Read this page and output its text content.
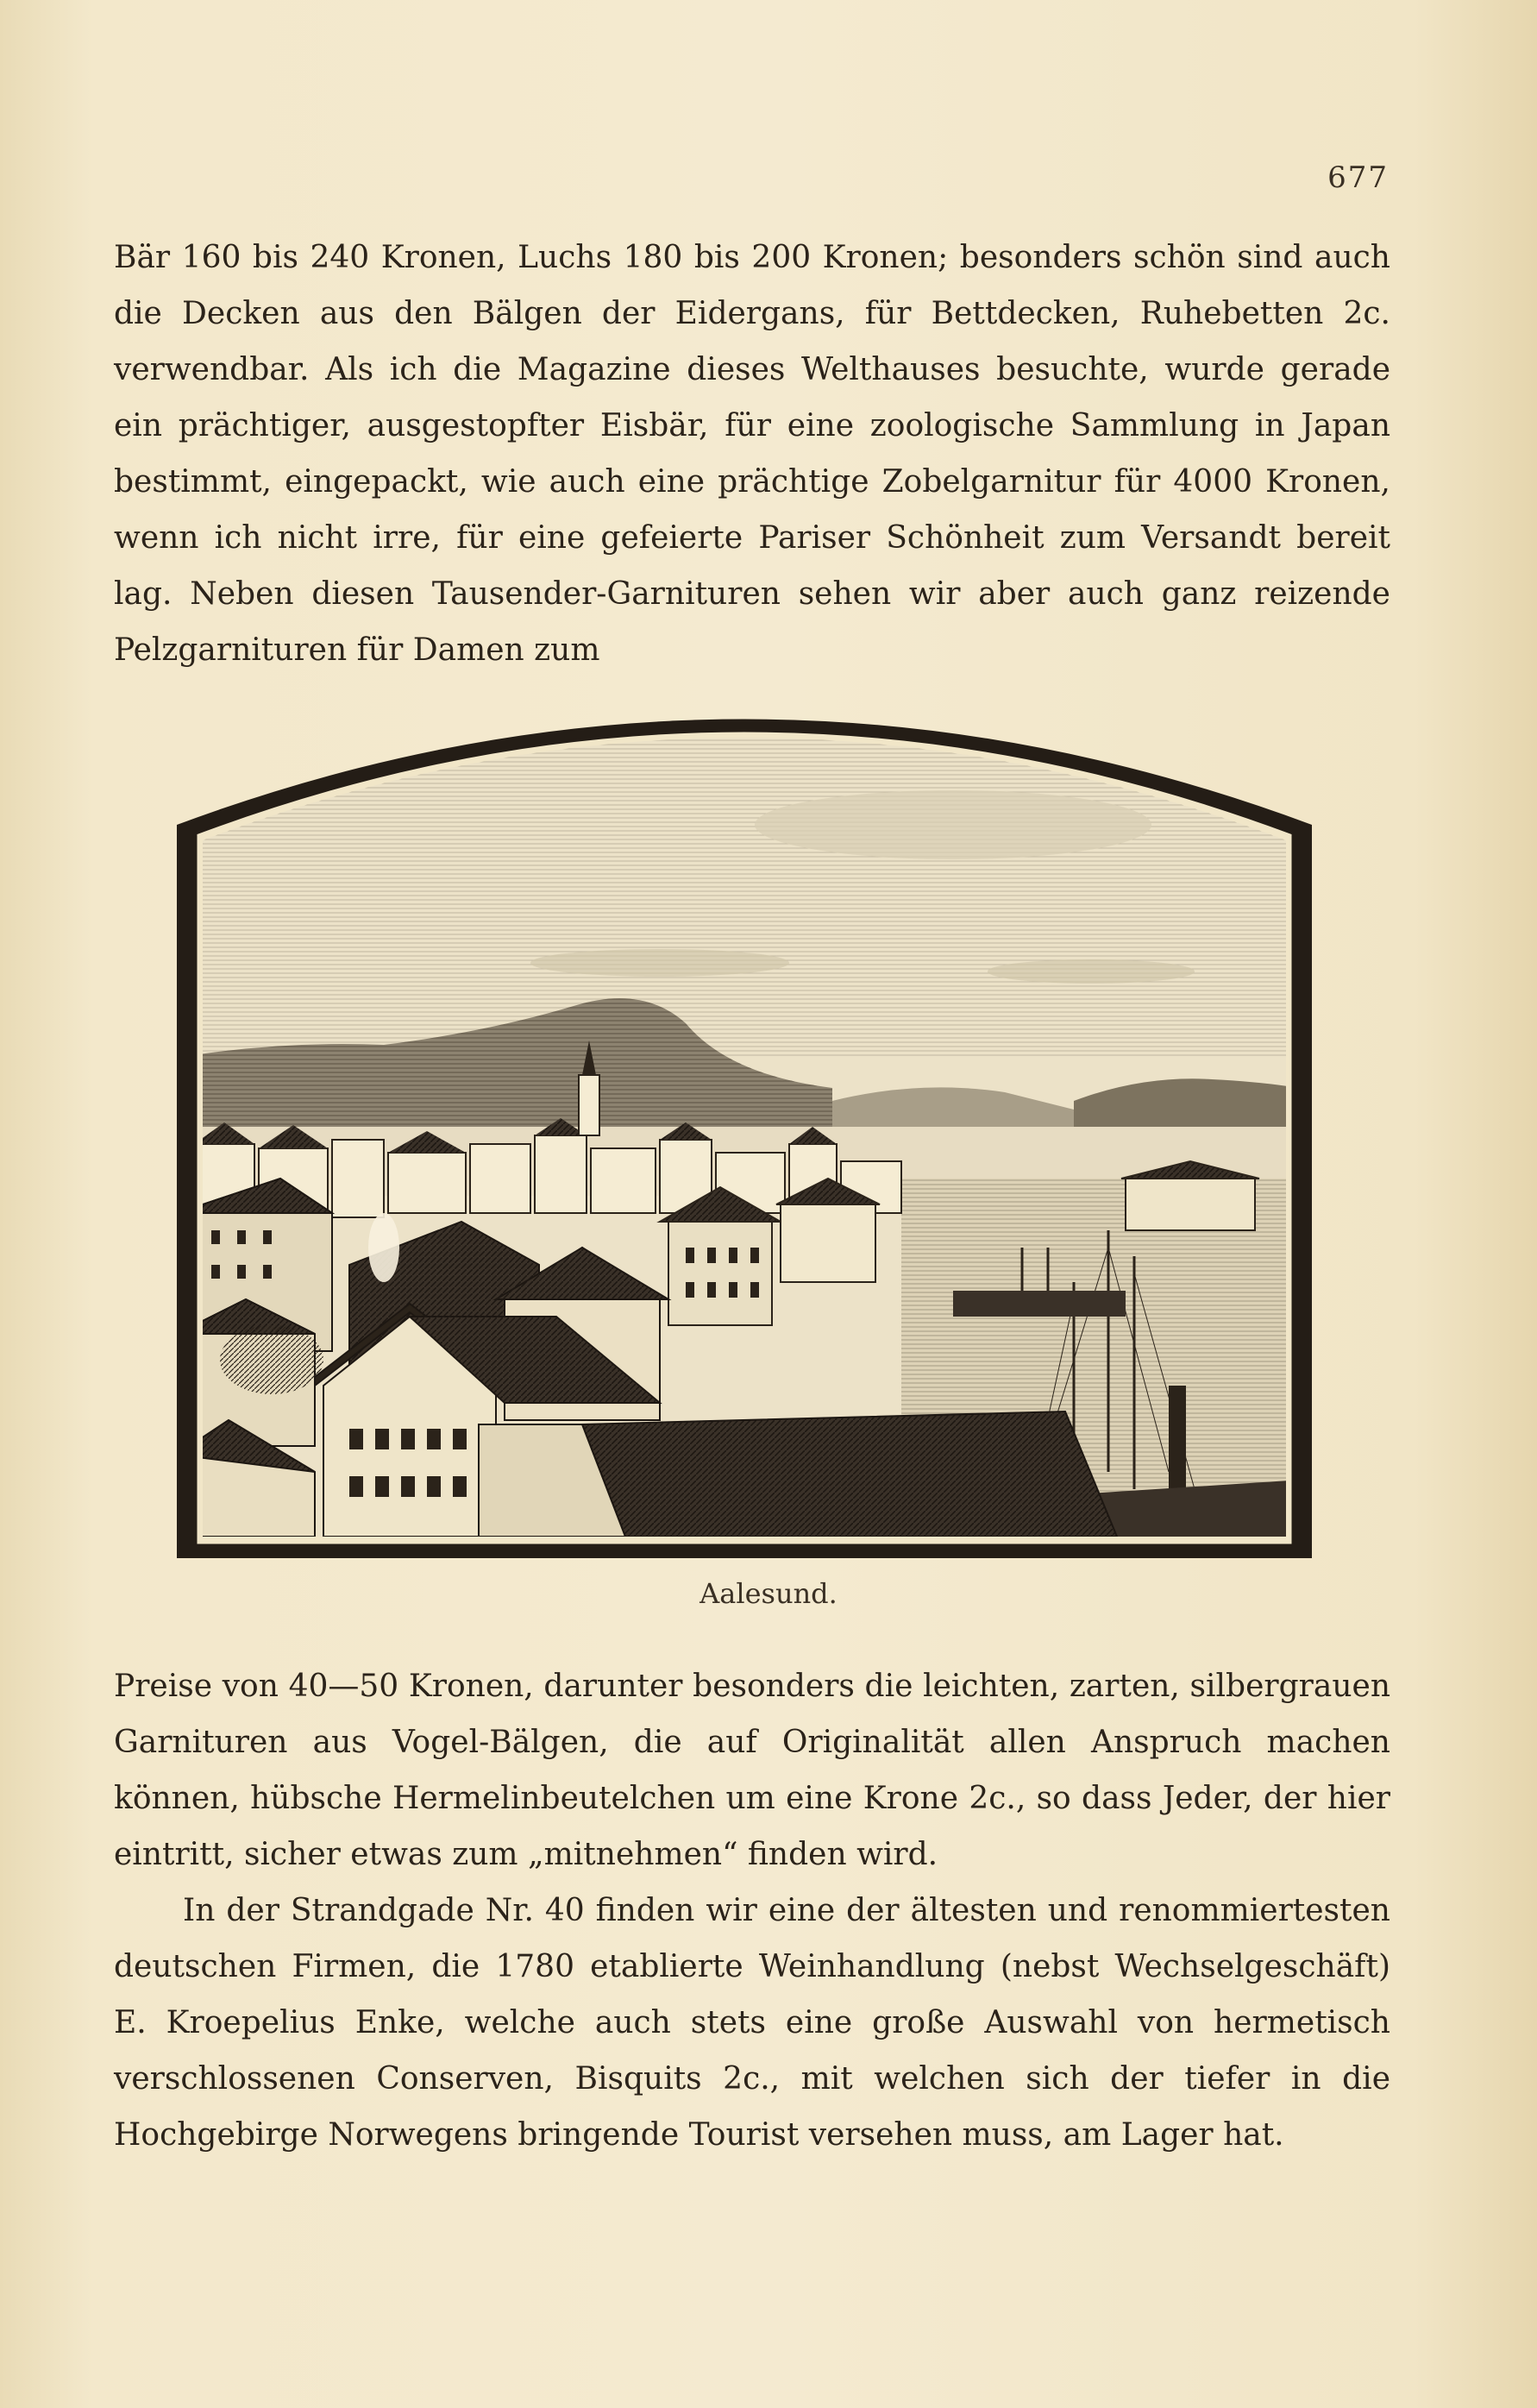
677

Bär 160 bis 240 Kronen, Luchs 180 bis 200 Kronen; besonders schön sind auch die Decken aus den Bälgen der Eidergans, für Bettdecken, Ruhebetten 2c. verwendbar. Als ich die Magazine dieses Welthauses besuchte, wurde gerade ein prächtiger, ausgestopfter Eisbär, für eine zoologische Sammlung in Japan bestimmt, eingepackt, wie auch eine prächtige Zobelgarnitur für 4000 Kronen, wenn ich nicht irre, für eine gefeierte Pariser Schönheit zum Versandt bereit lag. Neben diesen Tausender-Garnituren sehen wir aber auch ganz reizende Pelzgarnituren für Damen zum

Aalesund.

Preise von 40—50 Kronen, darunter besonders die leichten, zarten, silbergrauen Garnituren aus Vogel-Bälgen, die auf Originalität allen Anspruch machen können, hübsche Hermelinbeutelchen um eine Krone 2c., so dass Jeder, der hier eintritt, sicher etwas zum „mitnehmen“ finden wird.

In der Strandgade Nr. 40 finden wir eine der ältesten und renommiertesten deutschen Firmen, die 1780 etablierte Weinhandlung (nebst Wechselgeschäft) E. Kroepelius Enke, welche auch stets eine große Auswahl von hermetisch verschlossenen Conserven, Bisquits 2c., mit welchen sich der tiefer in die Hochgebirge Norwegens bringende Tourist versehen muss, am Lager hat.
